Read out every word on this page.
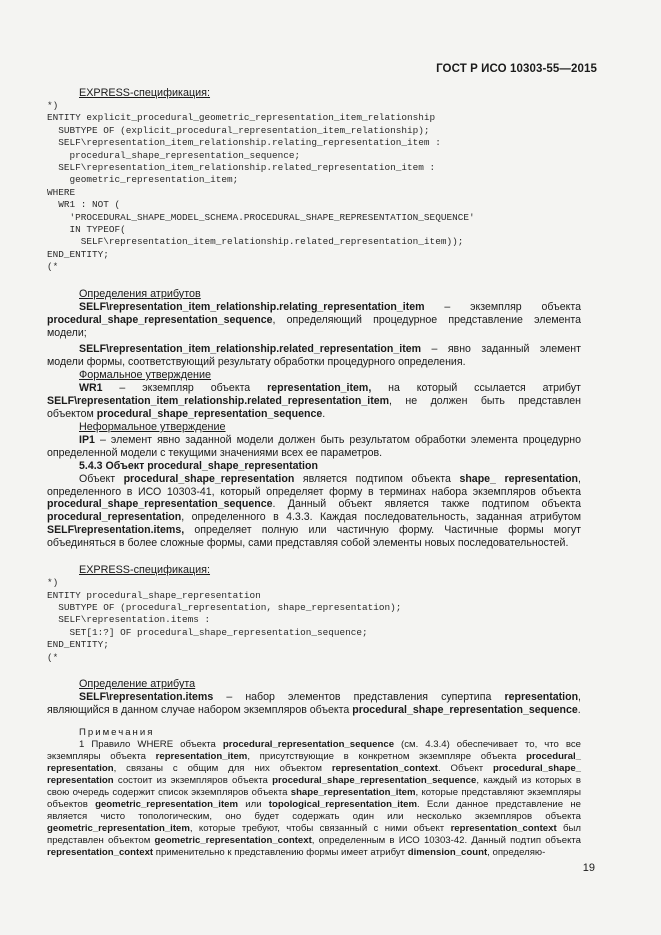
ГОСТ Р ИСО 10303-55—2015
EXPRESS-спецификация:
*)
ENTITY explicit_procedural_geometric_representation_item_relationship
SUBTYPE OF (explicit_procedural_representation_item_relationship);
SELF\representation_item_relationship.relating_representation_item :
procedural_shape_representation_sequence;
SELF\representation_item_relationship.related_representation_item :
geometric_representation_item;
WHERE
WR1 : NOT (
'PROCEDURAL_SHAPE_MODEL_SCHEMA.PROCEDURAL_SHAPE_REPRESENTATION_SEQUENCE'
IN TYPEOF(
SELF\representation_item_relationship.related_representation_item));
END_ENTITY;
(*
Определения атрибутов

SELF\representation_item_relationship.relating_representation_item – экземпляр объекта procedural_shape_representation_sequence, определяющий процедурное представление элемента модели;

SELF\representation_item_relationship.related_representation_item – явно заданный элемент модели формы, соответствующий результату обработки процедурного определения.

Формальное утверждение
WR1 – экземпляр объекта representation_item, на который ссылается атрибут

SELF\representation_item_relationship.related_representation_item, не должен быть представлен объектом procedural_shape_representation_sequence.

Неформальное утверждение

IP1 – элемент явно заданной модели должен быть результатом обработки элемента процедурно определенной модели с текущими значениями всех ее параметров.

5.4.3 Объект procedural_shape_representation

Объект procedural_shape_representation является подтипом объекта shape_ representation, определенного в ИСО 10303-41, который определяет форму в терминах набора экземпляров объекта procedural_shape_representation_sequence. Данный объект является также подтипом объекта procedural_representation, определенного в 4.3.3. Каждая последовательность, заданная атрибутом SELF\representation.items, определяет полную или частичную форму. Частичные формы могут объединяться в более сложные формы, сами представляя собой элементы новых последовательностей.

EXPRESS-спецификация:
*)
ENTITY procedural_shape_representation
SUBTYPE OF (procedural_representation, shape_representation);
SELF\representation.items :
SET[1:?] OF procedural_shape_representation_sequence;
END_ENTITY;
(*
Определение атрибута

SELF\representation.items – набор элементов представления супертипа representation, являющийся в данном случае набором экземпляров объекта procedural_shape_representation_sequence.

Примечания

1 Правило WHERE объекта procedural_representation_sequence (см. 4.3.4) обеспечивает то, что все экземпляры объекта representation_item, присутствующие в конкретном экземпляре объекта procedural_ representation, связаны с общим для них объектом representation_context. Объект procedural_shape_ representation состоит из экземпляров объекта procedural_shape_representation_sequence, каждый из которых в свою очередь содержит список экземпляров объекта shape_representation_item, которые представляют экземпляры объектов geometric_representation_item или topological_representation_item. Если данное представление не является чисто топологическим, оно будет содержать один или несколько экземпляров объекта geometric_representation_item, которые требуют, чтобы связанный с ними объект representation_context был представлен объектом geometric_representation_context, определенным в ИСО 10303-42. Данный подтип объекта representation_context применительно к представлению формы имеет атрибут dimension_count, определяю-

19
